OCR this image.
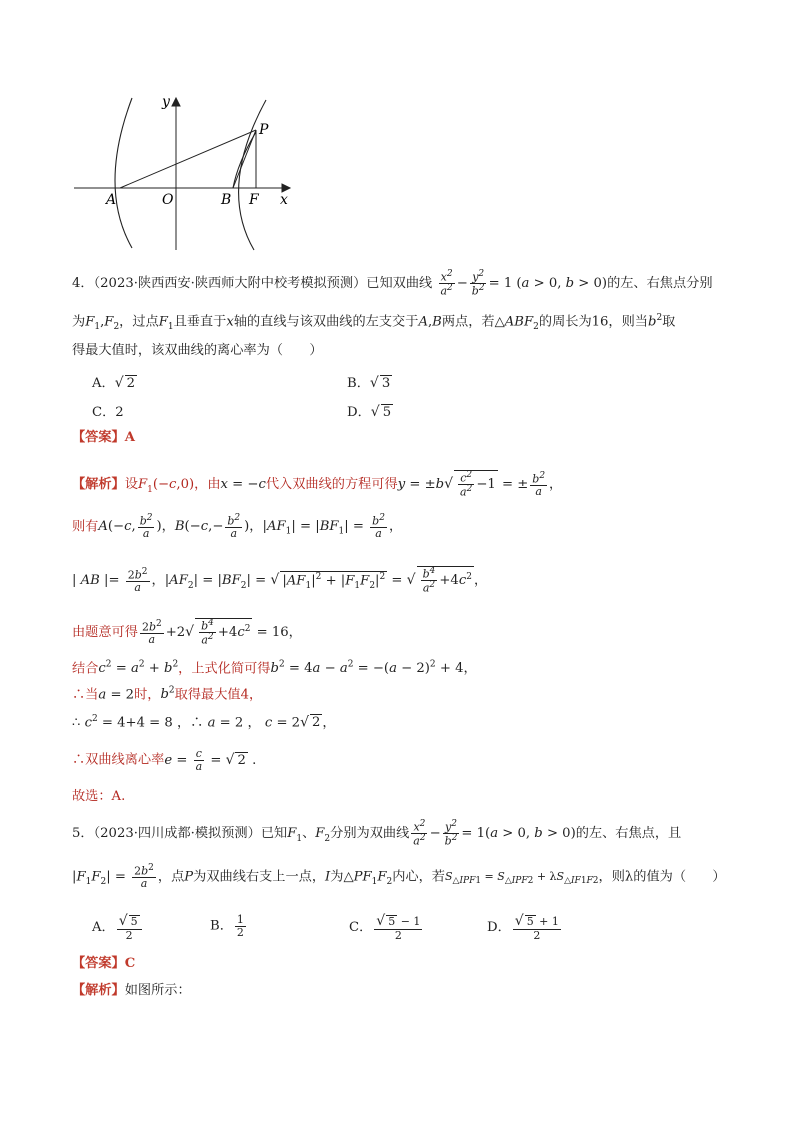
y
x
P
A	O	B F
4．（2023·陕西西安·陕西师大附中校考模拟预测）已知双曲线 $\frac{x^2}{a^2} - \frac{y^2}{b^2} = 1$ (a > 0, b > 0)的左、右焦点分别
为$F_1,F_2$，过点$F_1$且垂直于x轴的直线与该双曲线的左支交于A,B两点，若$\triangle ABF_2$的周长为16，则当$b^2$取
得最大值时，该双曲线的离心率为（　　）
A．√ 2	B．√ 3
C．2	D．√ 5
【答案】A
【解析】设$F_1(-c,0)$，由x = −c代入双曲线的方程可得$y = \pm b√ \frac{c^2}{a^2} -1$ = ± $\frac{b^2}{a}$ ，
则有A(−c, $\frac{b^2}{a}$ )，$B(-c,- \frac{b^2}{a}$ )，$|AF_1| = |BF_1| = \frac{b^2}{a}$ ，
| AB |= $\frac{2b^2}{a}$ ，$|AF_2| = |BF_2|$ = √ $|AF_1|^2 + |F_1F_2|^2$ = √ $\frac{b^4}{a^2} +4c^2$ ，
由题意可得 $\frac{2b^2}{a} +2√ \frac{b^4}{a^2} +4c^2 = 16$，
结合$c^2 = a^2 + b^2$，上式化简可得$b^2 = 4a - a^2 = -(a - 2)^2 + 4$，
∴当a = 2时，$b^2$取得最大值4，
∴ $c^2 = 4+4 = 8$ ，∴ a = 2 ， c = 2√ 2 ，
∴双曲线离心率$e = \frac{c}{a}$ = √ 2 .
故选：A.
5．（2023·四川成都·模拟预测）已知$F_1$、$F_2$分别为双曲线 $\frac{x^2}{a^2} - \frac{y^2}{b^2} = 1(a > 0$, b > 0)的左、右焦点，且
$|F_1F_2| = \frac{2b^2}{a}$ ，点P为双曲线右支上一点，I为$\triangle PF_1F_2$内心，若$S_{\triangle IPF1} = S_{\triangle IPF2} + \lambda S_{\triangle IF1F2}$，则λ的值为（　　）
A． $\frac{√ 5}{2}$	B． $\frac{1}{2}$	C． $\frac{√ 5 - 1}{2}$	D． $\frac{√ 5 + 1}{2}$
【答案】C
【解析】如图所示：
